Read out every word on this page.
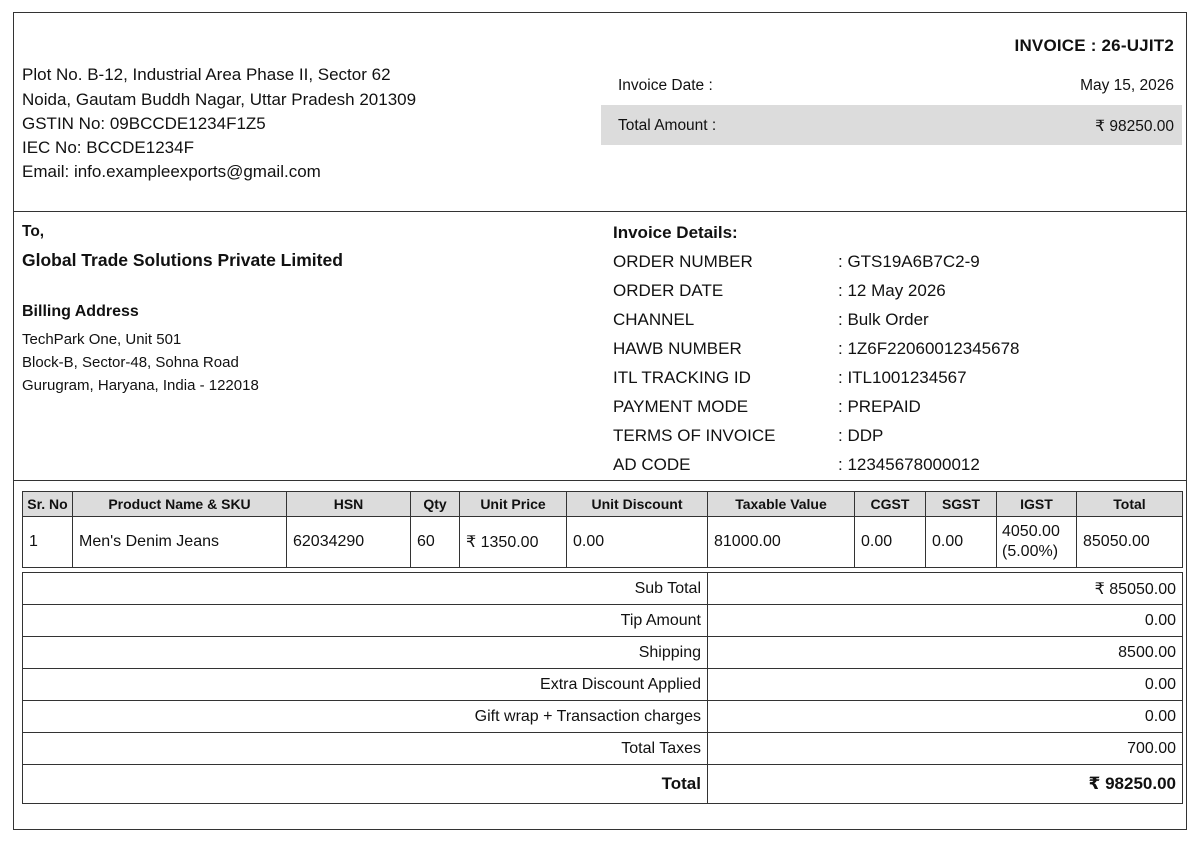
INVOICE : 26-UJIT2
Plot No. B-12, Industrial Area Phase II, Sector 62
Noida, Gautam Buddh Nagar, Uttar Pradesh 201309
GSTIN No: 09BCCDE1234F1Z5
IEC No: BCCDE1234F
Email: info.exampleexports@gmail.com
Invoice Date :	May 15, 2026
Total Amount :	₹ 98250.00
To,
Global Trade Solutions Private Limited
Billing Address
TechPark One, Unit 501
Block-B, Sector-48, Sohna Road
Gurugram, Haryana, India - 122018
Invoice Details:
ORDER NUMBER	: GTS19A6B7C2-9
ORDER DATE	: 12 May 2026
CHANNEL	: Bulk Order
HAWB NUMBER	: 1Z6F22060012345678
ITL TRACKING ID	: ITL1001234567
PAYMENT MODE	: PREPAID
TERMS OF INVOICE	: DDP
AD CODE	: 12345678000012
Sr. No	Product Name & SKU	HSN	Qty	Unit Price	Unit Discount	Taxable Value	CGST	SGST	IGST	Total
1	Men's Denim Jeans	62034290	60	₹ 1350.00	0.00	81000.00	0.00	0.00	4050.00
(5.00%)	85050.00
Sub Total	₹ 85050.00
Tip Amount	0.00
Shipping	8500.00
Extra Discount Applied	0.00
Gift wrap + Transaction charges	0.00
Total Taxes	700.00
Total	₹ 98250.00
